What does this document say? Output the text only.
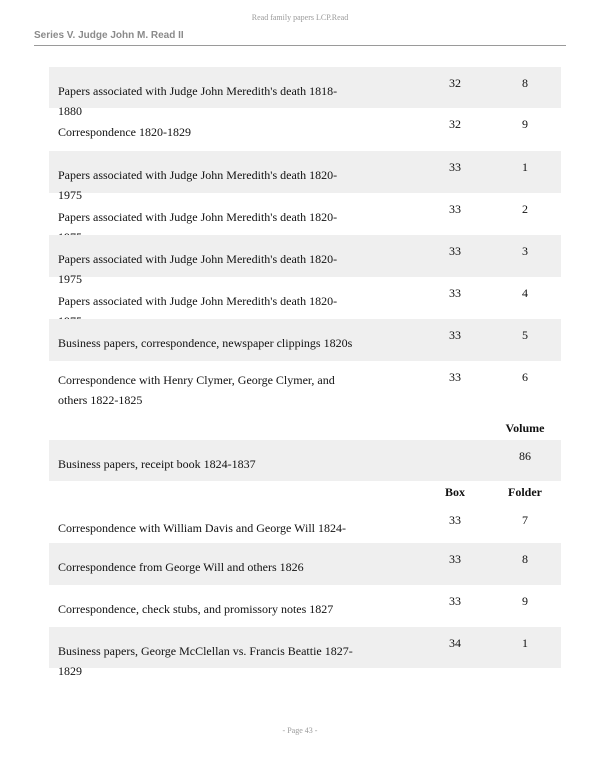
Read family papers LCP.Read
Series V. Judge John M. Read II
Papers associated with Judge John Meredith's death 1818-1880
32	8
Correspondence 1820-1829
32	9
Papers associated with Judge John Meredith's death 1820-1975
33	1
Papers associated with Judge John Meredith's death 1820-
33	2
Papers associated with Judge John Meredith's death 1820-1975
33	3
Papers associated with Judge John Meredith's death 1820-
33	4
Business papers, correspondence, newspaper clippings 1820s
33	5
Correspondence with Henry Clymer, George Clymer, and
others 1822-1825
33	6
Volume
Business papers, receipt book 1824-1837
86
Box	Folder
Correspondence with William Davis and George Will 1824-
33	7
Correspondence from George Will and others 1826
33	8
Correspondence, check stubs, and promissory notes 1827
33	9
Business papers, George McClellan vs. Francis Beattie 1827-1829
34	1
- Page 43 -
